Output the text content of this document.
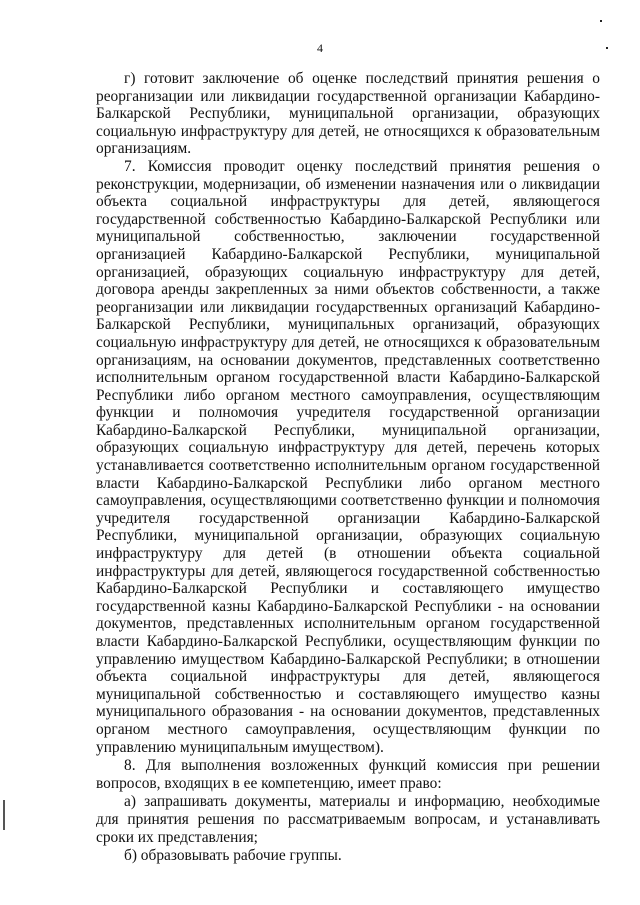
4

г) готовит заключение об оценке последствий принятия решения о реорганизации или ликвидации государственной организации Кабардино-Балкарской Республики, муниципальной организации, образующих социальную инфраструктуру для детей, не относящихся к образовательным организациям.

7. Комиссия проводит оценку последствий принятия решения о реконструкции, модернизации, об изменении назначения или о ликвидации объекта социальной инфраструктуры для детей, являющегося государственной собственностью Кабардино-Балкарской Республики или муниципальной собственностью, заключении государственной организацией Кабардино-Балкарской Республики, муниципальной организацией, образующих социальную инфраструктуру для детей, договора аренды закрепленных за ними объектов собственности, а также реорганизации или ликвидации государственных организаций Кабардино-Балкарской Республики, муниципальных организаций, образующих социальную инфраструктуру для детей, не относящихся к образовательным организациям, на основании документов, представленных соответственно исполнительным органом государственной власти Кабардино-Балкарской Республики либо органом местного самоуправления, осуществляющим функции и полномочия учредителя государственной организации Кабардино-Балкарской Республики, муниципальной организации, образующих социальную инфраструктуру для детей, перечень которых устанавливается соответственно исполнительным органом государственной власти Кабардино-Балкарской Республики либо органом местного самоуправления, осуществляющими соответственно функции и полномочия учредителя государственной организации Кабардино-Балкарской Республики, муниципальной организации, образующих социальную инфраструктуру для детей (в отношении объекта социальной инфраструктуры для детей, являющегося государственной собственностью Кабардино-Балкарской Республики и составляющего имущество государственной казны Кабардино-Балкарской Республики - на основании документов, представленных исполнительным органом государственной власти Кабардино-Балкарской Республики, осуществляющим функции по управлению имуществом Кабардино-Балкарской Республики; в отношении объекта социальной инфраструктуры для детей, являющегося муниципальной собственностью и составляющего имущество казны муниципального образования - на основании документов, представленных органом местного самоуправления, осуществляющим функции по управлению муниципальным имуществом).

8. Для выполнения возложенных функций комиссия при решении вопросов, входящих в ее компетенцию, имеет право:

а) запрашивать документы, материалы и информацию, необходимые для принятия решения по рассматриваемым вопросам, и устанавливать сроки их представления;

б) образовывать рабочие группы.
